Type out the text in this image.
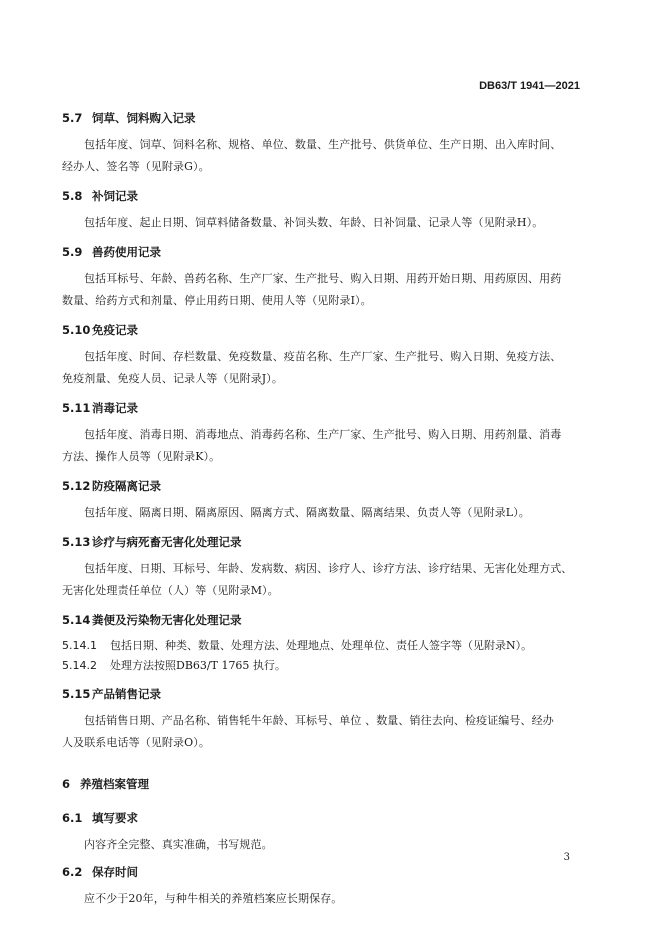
DB63/T 1941—2021

5.7 饲草、饲料购入记录

包括年度、饲草、饲料名称、规格、单位、数量、生产批号、供货单位、生产日期、出入库时间、

经办人、签名等（见附录G）。

5.8 补饲记录

包括年度、起止日期、饲草料储备数量、补饲头数、年龄、日补饲量、记录人等（见附录H）。

5.9 兽药使用记录

包括耳标号、年龄、兽药名称、生产厂家、生产批号、购入日期、用药开始日期、用药原因、用药

数量、给药方式和剂量、停止用药日期、使用人等（见附录I）。

5.10 免疫记录

包括年度、时间、存栏数量、免疫数量、疫苗名称、生产厂家、生产批号、购入日期、免疫方法、

免疫剂量、免疫人员、记录人等（见附录J）。

5.11 消毒记录

包括年度、消毒日期、消毒地点、消毒药名称、生产厂家、生产批号、购入日期、用药剂量、消毒

方法、操作人员等（见附录K）。

5.12 防疫隔离记录

包括年度、隔离日期、隔离原因、隔离方式、隔离数量、隔离结果、负责人等（见附录L）。

5.13 诊疗与病死畜无害化处理记录

包括年度、日期、耳标号、年龄、发病数、病因、诊疗人、诊疗方法、诊疗结果、无害化处理方式、

无害化处理责任单位（人）等（见附录M）。

5.14 粪便及污染物无害化处理记录

5.14.1 包括日期、种类、数量、处理方法、处理地点、处理单位、责任人签字等（见附录N）。

5.14.2 处理方法按照DB63/T 1765 执行。

5.15 产品销售记录

包括销售日期、产品名称、销售牦牛年龄、耳标号、单位 、数量、销往去向、检疫证编号、经办

人及联系电话等（见附录O）。

6 养殖档案管理

6.1 填写要求

内容齐全完整、真实准确，书写规范。

6.2 保存时间

应不少于20年，与种牛相关的养殖档案应长期保存。

3
